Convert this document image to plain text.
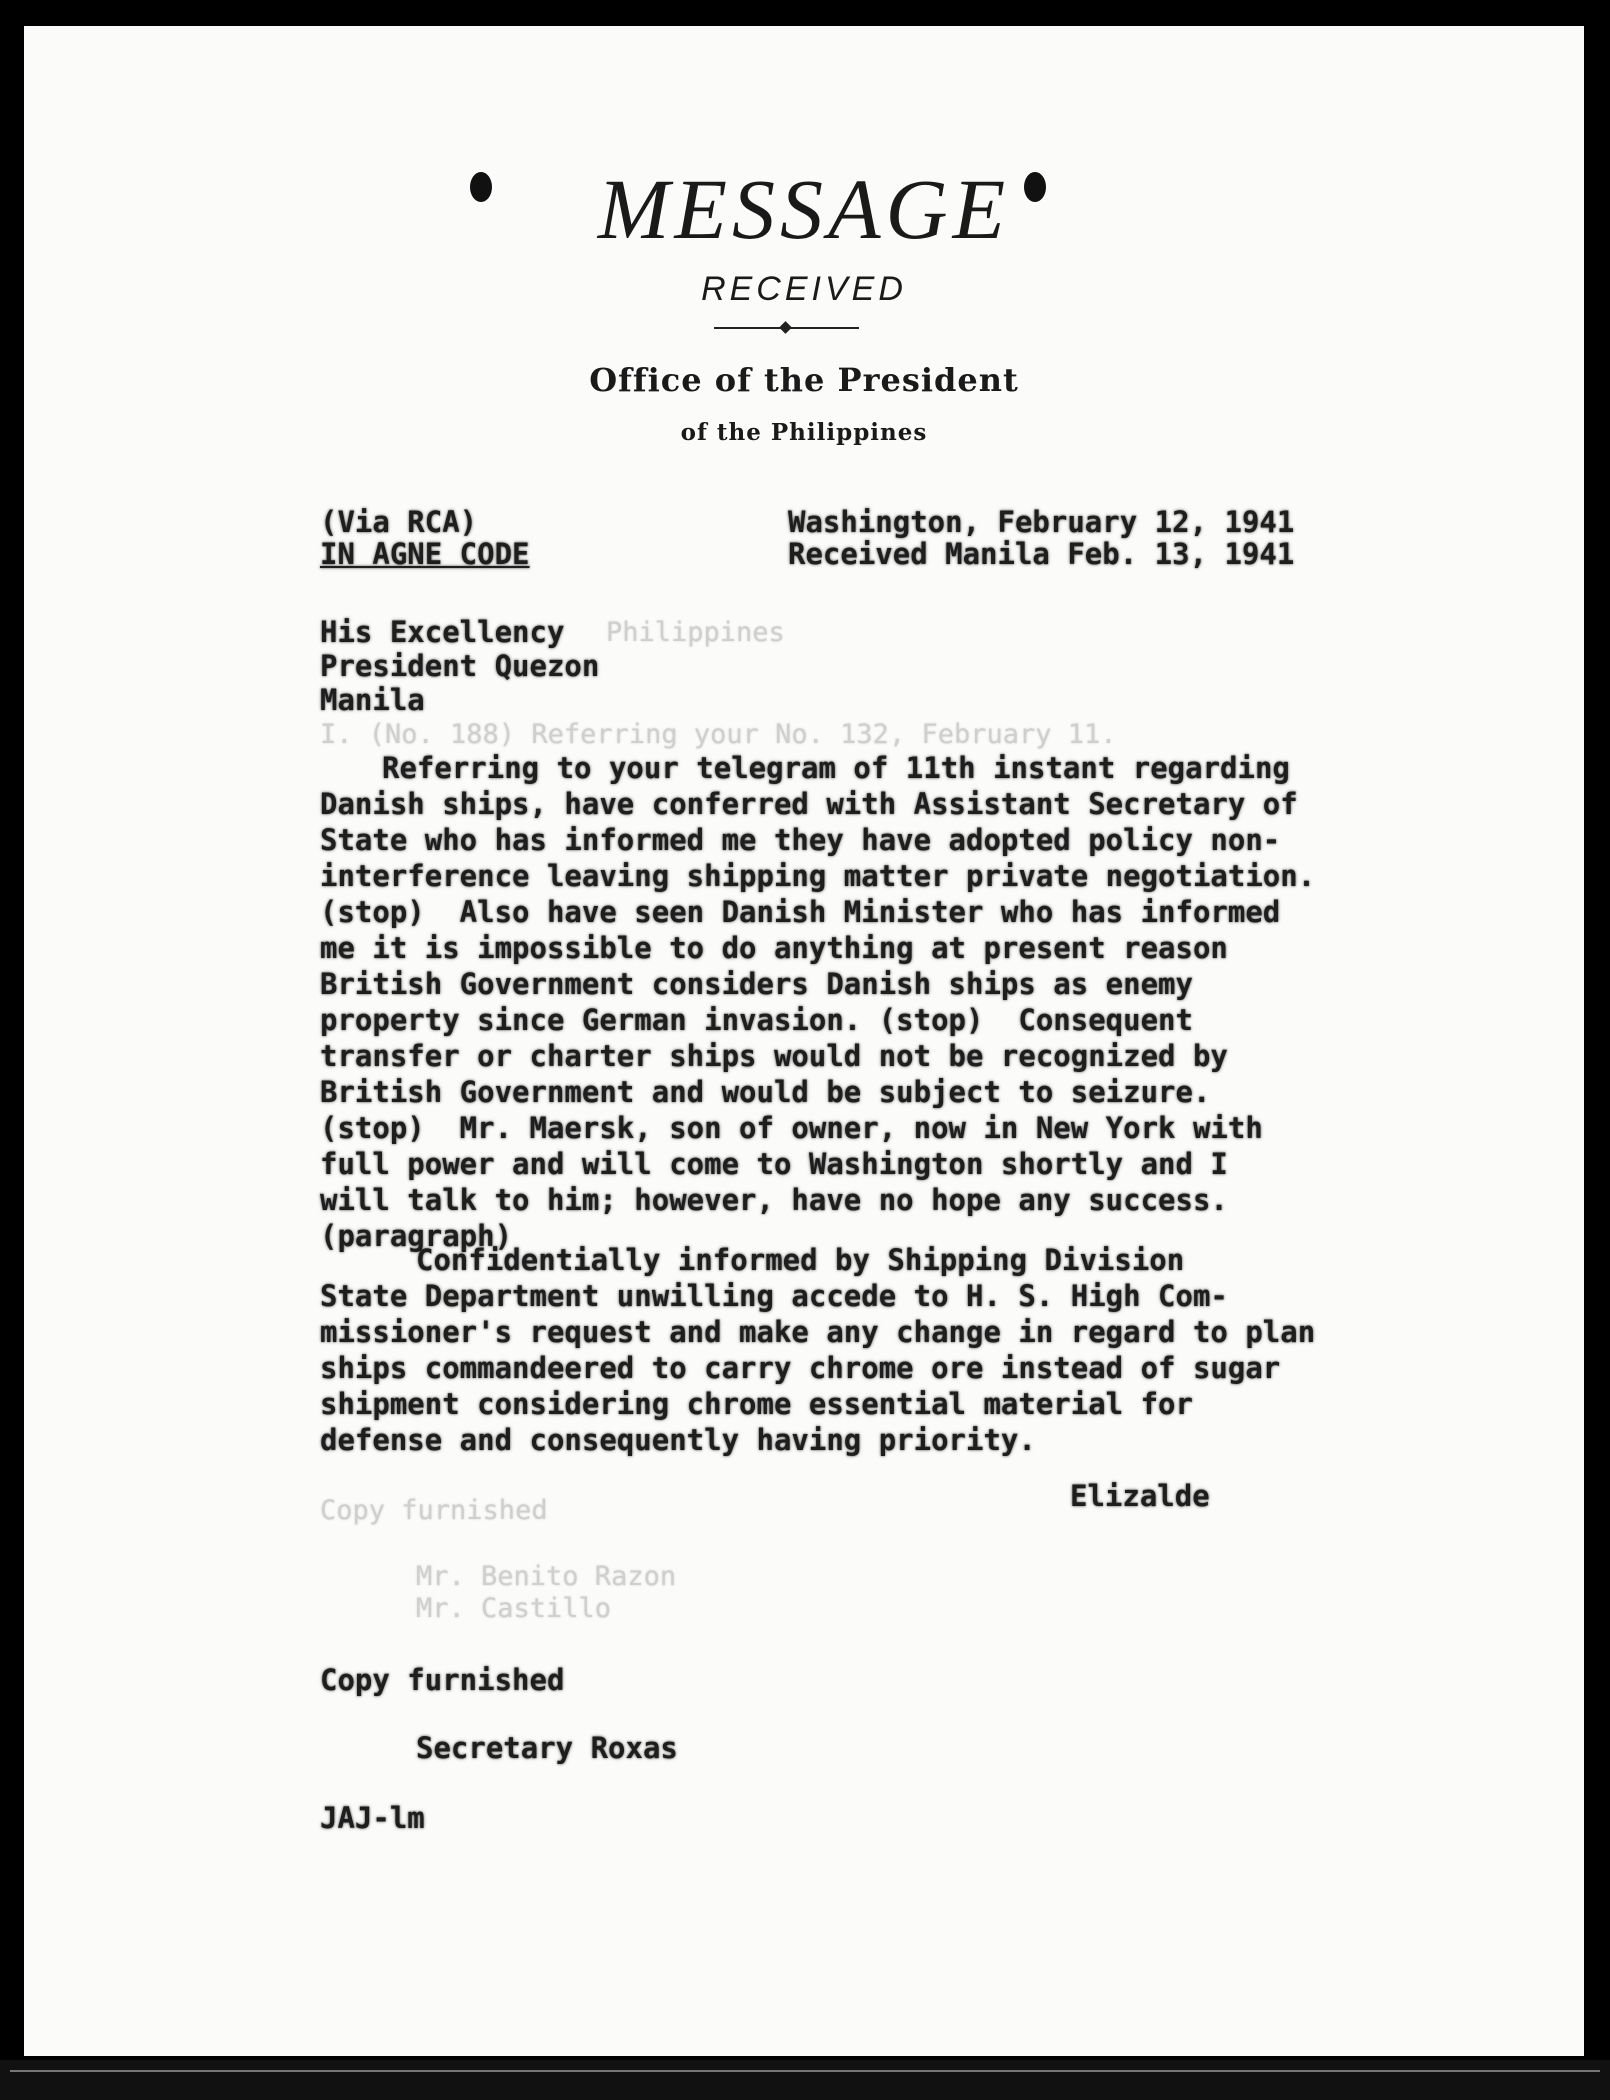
MESSAGE
RECEIVED
Office of the President
of the Philippines
(Via RCA)
IN AGNE CODE
Washington, February 12, 1941
Received Manila Feb. 13, 1941
His Excellency Philippines
President Quezon
Manila
I. (No. 188) Referring your No. 132, February 11.
Referring to your telegram of 11th instant regarding
Danish ships, have conferred with Assistant Secretary of
State who has informed me they have adopted policy non-
interference leaving shipping matter private negotiation.
(stop)  Also have seen Danish Minister who has informed
me it is impossible to do anything at present reason
British Government considers Danish ships as enemy
property since German invasion. (stop)  Consequent
transfer or charter ships would not be recognized by
British Government and would be subject to seizure.
(stop)  Mr. Maersk, son of owner, now in New York with
full power and will come to Washington shortly and I
will talk to him; however, have no hope any success.
(paragraph)
Confidentially informed by Shipping Division
State Department unwilling accede to H. S. High Com-
missioner's request and make any change in regard to plan
ships commandeered to carry chrome ore instead of sugar
shipment considering chrome essential material for
defense and consequently having priority.
Elizalde
Copy furnished
Mr. Benito Razon
Mr. Castillo
Copy furnished
Secretary Roxas
JAJ-lm
